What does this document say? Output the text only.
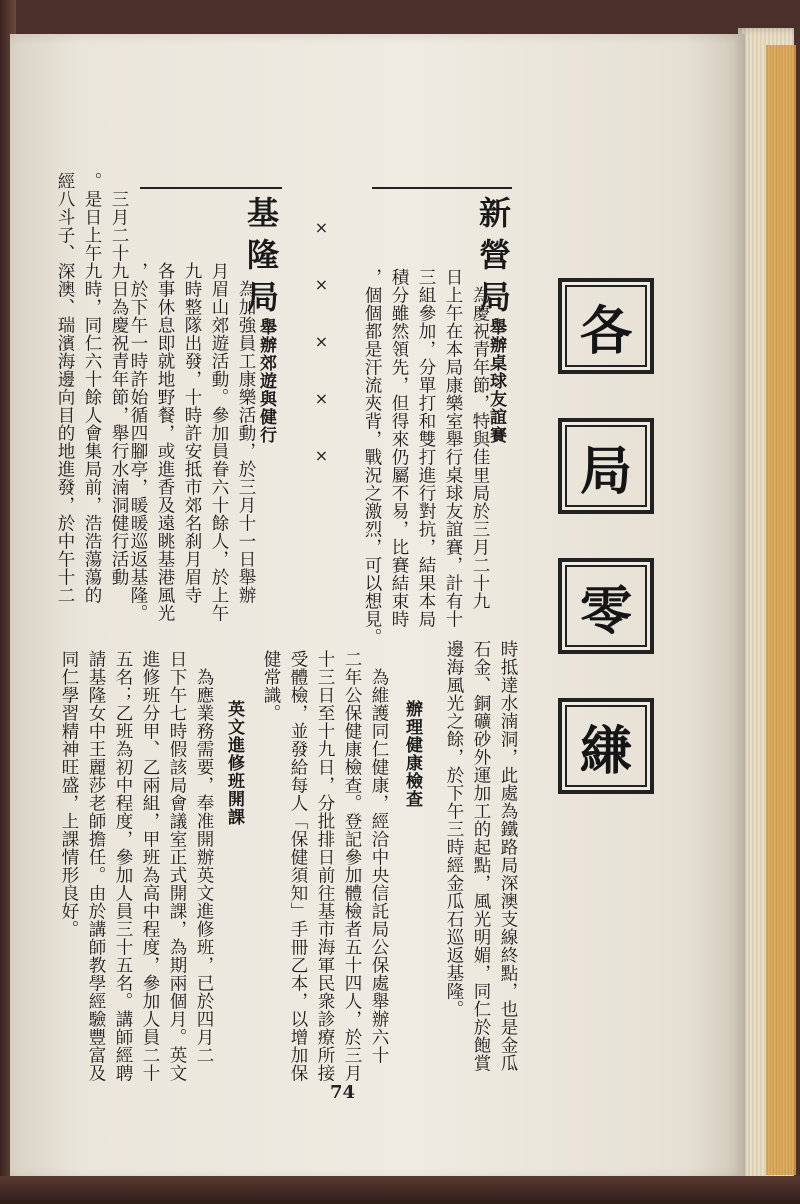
各
局
零
縑
新營局
舉辦桌球友誼賽
　為慶祝青年節，特與佳里局於三月二十九
日上午在本局康樂室舉行桌球友誼賽，計有十
三組參加，分單打和雙打進行對抗，結果本局
積分雖然領先，但得來仍屬不易，比賽結束時
，個個都是汗流夾背，戰況之激烈，可以想見。
×××××
基隆局
舉辦郊遊與健行
　為加強員工康樂活動，於三月十一日舉辦
月眉山郊遊活動。參加員眷六十餘人，於上午
九時整隊出發，十時許安抵市郊名刹月眉寺
各事休息即就地野餐，或進香及遠眺基港風光
，於下午一時許始循四腳亭，暖暖巡返基隆。
　三月二十九日為慶祝青年節，舉行水湳洞健行活動
。是日上午九時，同仁六十餘人會集局前，浩浩蕩蕩的
經八斗子、深澳、瑞濱海邊向目的地進發，於中午十二
時抵達水湳洞，此處為鐵路局深澳支線終點，也是金瓜
石金、銅礦砂外運加工的起點，風光明媚，同仁於飽賞
邊海風光之餘，於下午三時經金瓜石巡返基隆。
辦理健康檢查
　為維護同仁健康，經洽中央信託局公保處舉辦六十
二年公保健康檢查。登記參加體檢者五十四人，於三月
十三日至十九日，分批排日前往基市海軍民衆診療所接
受體檢，並發給每人「保健須知」手冊乙本，以增加保
健常識。
英文進修班開課
　為應業務需要，奉准開辦英文進修班，已於四月二
日下午七時假該局會議室正式開課，為期兩個月。英文
進修班分甲、乙兩組，甲班為高中程度，參加人員二十
五名；乙班為初中程度，參加人員三十五名。講師經聘
請基隆女中王麗莎老師擔任。由於講師教學經驗豐富及
同仁學習精神旺盛，上課情形良好。
74
